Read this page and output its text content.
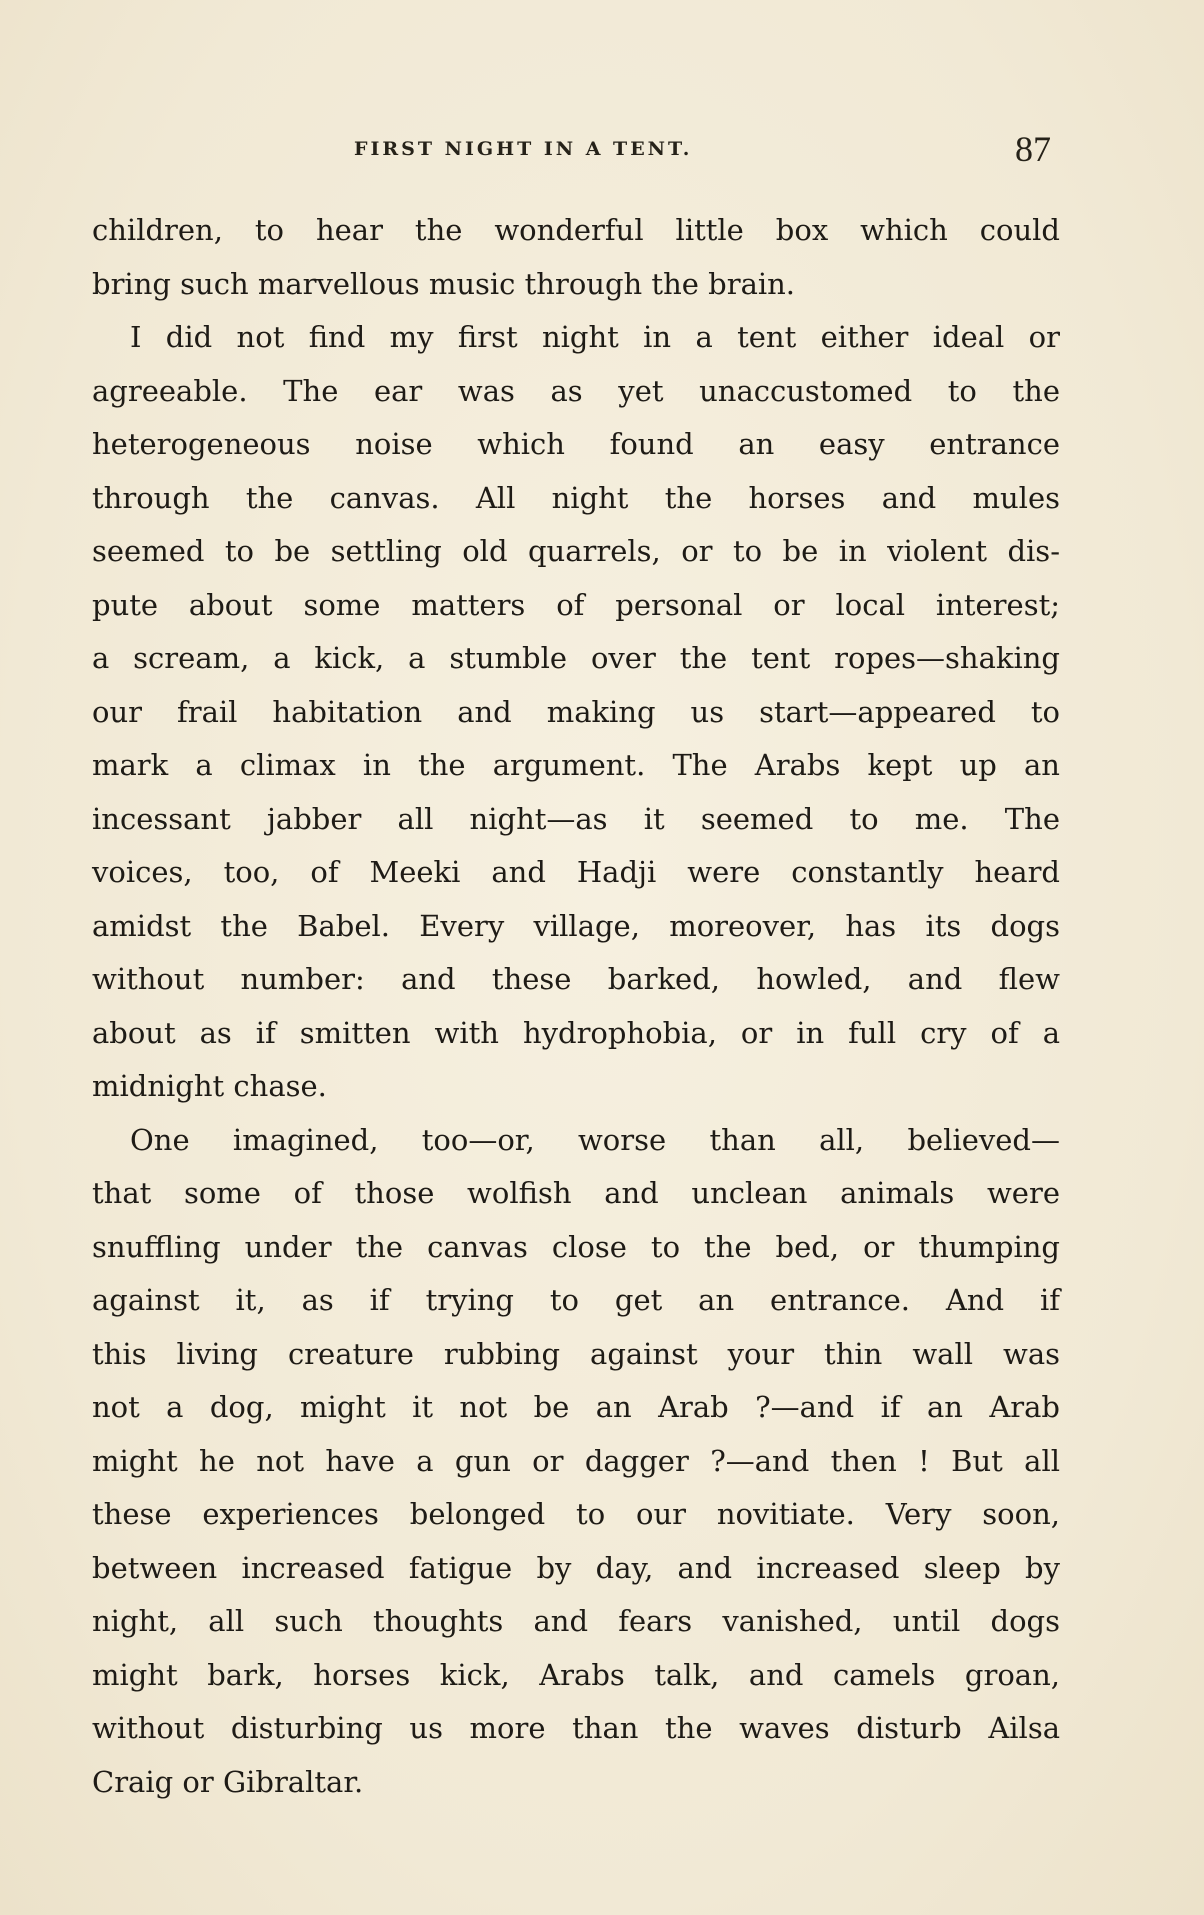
FIRST NIGHT IN A TENT.	87
children, to hear the wonderful little box which could
bring such marvellous music through the brain.
I did not find my first night in a tent either ideal or
agreeable. The ear was as yet unaccustomed to the
heterogeneous noise which found an easy entrance
through the canvas. All night the horses and mules
seemed to be settling old quarrels, or to be in violent dis-
pute about some matters of personal or local interest;
a scream, a kick, a stumble over the tent ropes—shaking
our frail habitation and making us start—appeared to
mark a climax in the argument. The Arabs kept up an
incessant jabber all night—as it seemed to me. The
voices, too, of Meeki and Hadji were constantly heard
amidst the Babel. Every village, moreover, has its dogs
without number: and these barked, howled, and flew
about as if smitten with hydrophobia, or in full cry of a
midnight chase.
One imagined, too—or, worse than all, believed—
that some of those wolfish and unclean animals were
snuffling under the canvas close to the bed, or thumping
against it, as if trying to get an entrance. And if
this living creature rubbing against your thin wall was
not a dog, might it not be an Arab ?—and if an Arab
might he not have a gun or dagger ?—and then ! But all
these experiences belonged to our novitiate. Very soon,
between increased fatigue by day, and increased sleep by
night, all such thoughts and fears vanished, until dogs
might bark, horses kick, Arabs talk, and camels groan,
without disturbing us more than the waves disturb Ailsa
Craig or Gibraltar.
